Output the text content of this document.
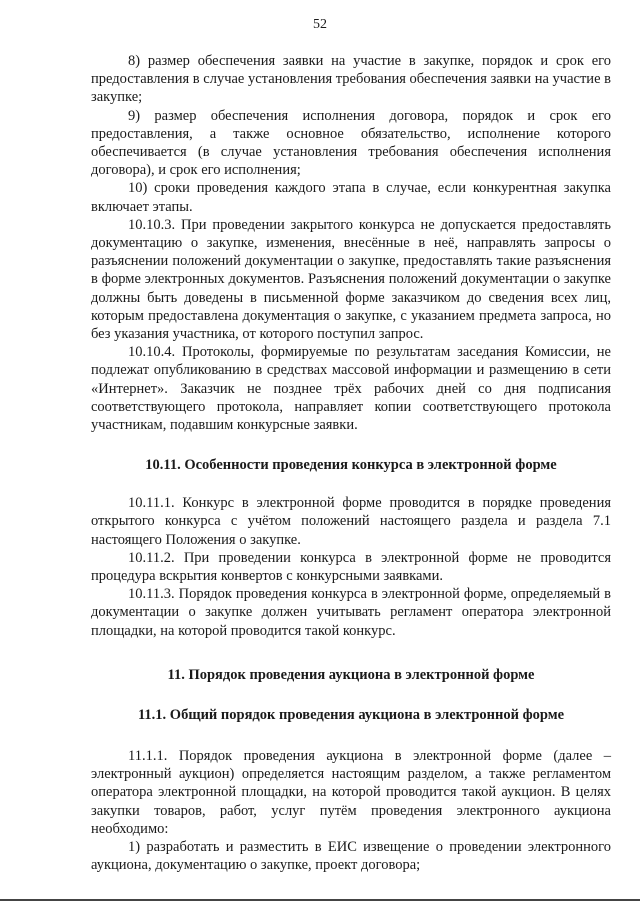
52

8) размер обеспечения заявки на участие в закупке, порядок и срок его предоставления в случае установления требования обеспечения заявки на участие в закупке;

9) размер обеспечения исполнения договора, порядок и срок его предоставления, а также основное обязательство, исполнение которого обеспечивается (в случае установления требования обеспечения исполнения договора), и срок его исполнения;

10) сроки проведения каждого этапа в случае, если конкурентная закупка включает этапы.

10.10.3. При проведении закрытого конкурса не допускается предоставлять документацию о закупке, изменения, внесённые в неё, направлять запросы о разъяснении положений документации о закупке, предоставлять такие разъяснения в форме электронных документов. Разъяснения положений документации о закупке должны быть доведены в письменной форме заказчиком до сведения всех лиц, которым предоставлена документация о закупке, с указанием предмета запроса, но без указания участника, от которого поступил запрос.

10.10.4. Протоколы, формируемые по результатам заседания Комиссии, не подлежат опубликованию в средствах массовой информации и размещению в сети «Интернет». Заказчик не позднее трёх рабочих дней со дня подписания соответствующего протокола, направляет копии соответствующего протокола участникам, подавшим конкурсные заявки.

10.11. Особенности проведения конкурса в электронной форме

10.11.1. Конкурс в электронной форме проводится в порядке проведения открытого конкурса с учётом положений настоящего раздела и раздела 7.1 настоящего Положения о закупке.

10.11.2. При проведении конкурса в электронной форме не проводится процедура вскрытия конвертов с конкурсными заявками.

10.11.3. Порядок проведения конкурса в электронной форме, определяемый в документации о закупке должен учитывать регламент оператора электронной площадки, на которой проводится такой конкурс.

11. Порядок проведения аукциона в электронной форме
11.1. Общий порядок проведения аукциона в электронной форме

11.1.1. Порядок проведения аукциона в электронной форме (далее – электронный аукцион) определяется настоящим разделом, а также регламентом оператора электронной площадки, на которой проводится такой аукцион. В целях закупки товаров, работ, услуг путём проведения электронного аукциона необходимо:

1) разработать и разместить в ЕИС извещение о проведении электронного аукциона, документацию о закупке, проект договора;
